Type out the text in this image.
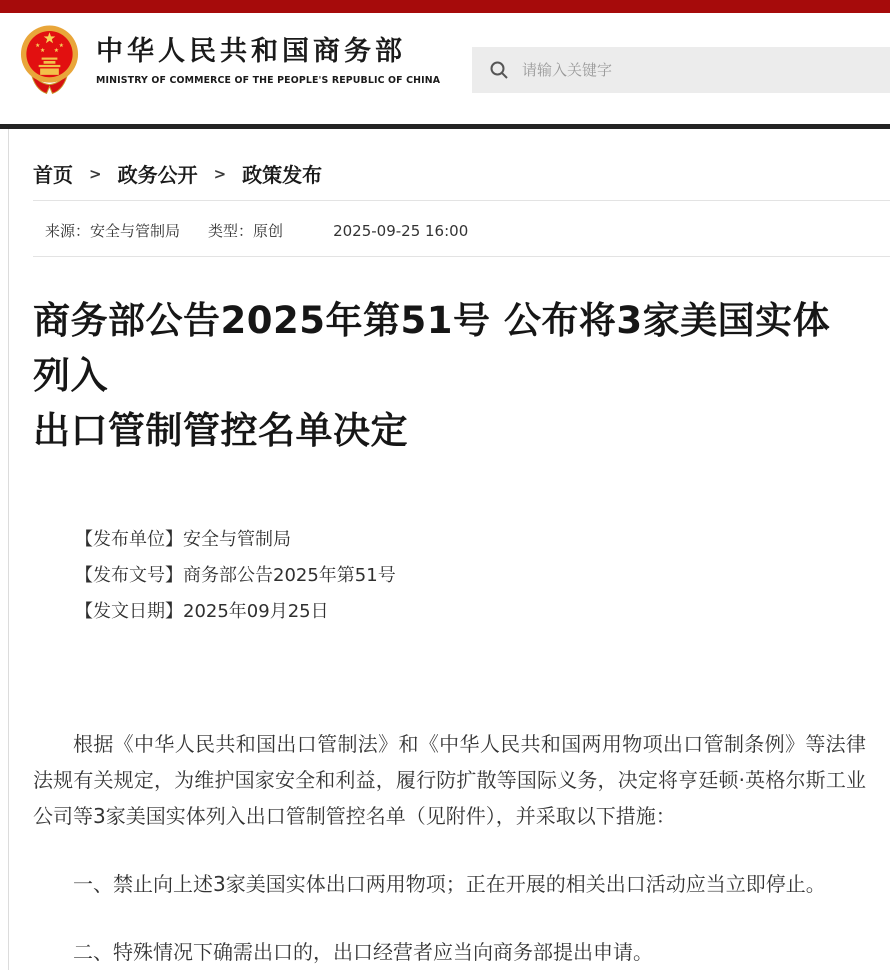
中华人民共和国商务部
MINISTRY OF COMMERCE OF THE PEOPLE'S REPUBLIC OF CHINA
请输入关键字
首页 > 政务公开 > 政策发布
来源：安全与管制局 类型：原创	2025-09-25 16:00
商务部公告2025年第51号 公布将3家美国实体列入
出口管制管控名单决定
【发布单位】安全与管制局
【发布文号】商务部公告2025年第51号
【发文日期】2025年09月25日

根据《中华人民共和国出口管制法》和《中华人民共和国两用物项出口管制条例》等法律法规有关规定，为维护国家安全和利益，履行防扩散等国际义务，决定将亨廷顿·英格尔斯工业公司等3家美国实体列入出口管制管控名单（见附件），并采取以下措施：

一、禁止向上述3家美国实体出口两用物项；正在开展的相关出口活动应当立即停止。

二、特殊情况下确需出口的，出口经营者应当向商务部提出申请。
